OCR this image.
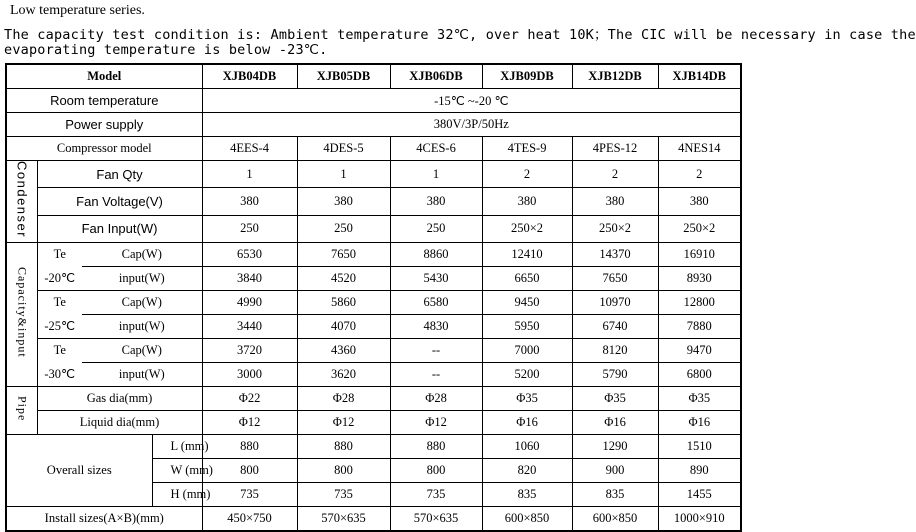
Low temperature series.
The capacity test condition is: Ambient temperature 32℃, over heat 10K；The CIC will be necessary in case the
evaporating temperature is below -23℃.
Model				XJB04DB	XJB05DB	XJB06DB	XJB09DB	XJB12DB	XJB14DB
Room temperature				-15℃ ~-20 ℃					
Power supply				380V/3P/50Hz					
Compressor model				4EES-4	4DES-5	4CES-6	4TES-9	4PES-12	4NES14
Condenser	Fan Qty			1	1	1	2	2	2
	Fan Voltage(V)			380	380	380	380	380	380
	Fan Input(W)			250	250	250	250×2	250×2	250×2
Capacity&input	Te	Cap(W)		6530	7650	8860	12410	14370	16910
	-20℃	input(W)		3840	4520	5430	6650	7650	8930
	Te	Cap(W)		4990	5860	6580	9450	10970	12800
	-25℃	input(W)		3440	4070	4830	5950	6740	7880
	Te	Cap(W)		3720	4360	--	7000	8120	9470
	-30℃	input(W)		3000	3620	--	5200	5790	6800
Pipe	Gas dia(mm)			Φ22	Φ28	Φ28	Φ35	Φ35	Φ35
	Liquid dia(mm)			Φ12	Φ12	Φ12	Φ16	Φ16	Φ16
Overall sizes			L (mm)	880	880	880	1060	1290	1510
			W (mm)	800	800	800	820	900	890
			H (mm)	735	735	735	835	835	1455
Install sizes(A×B)(mm)				450×750	570×635	570×635	600×850	600×850	1000×910
